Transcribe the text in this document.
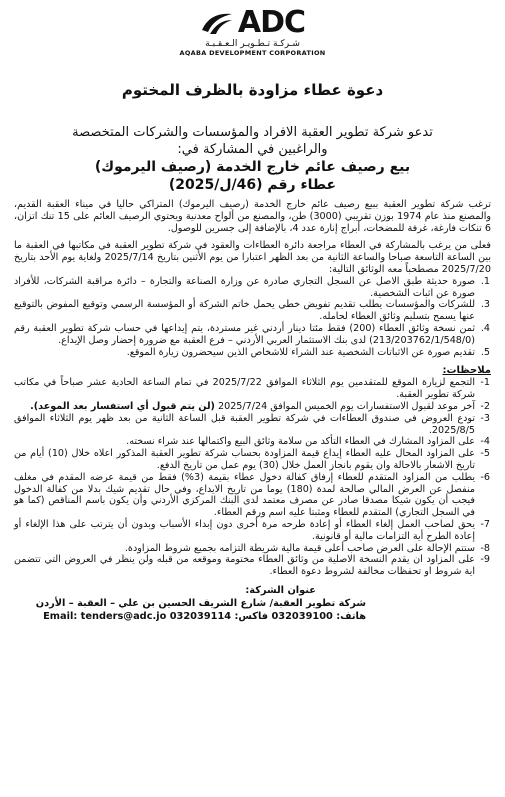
ADC
شـركـة تـطـويـر الـعـقـبـة
AQABA DEVELOPMENT CORPORATION
دعوة عطاء مزاودة بالظرف المختوم
تدعو شركة تطوير العقبة الافراد والمؤسسات والشركات المتخصصة
والراغبين في المشاركة في:
بيع رصيف عائم خارج الخدمة (رصيف اليرموك)
عطاء رقم (46/ل/2025)
ترغب شركة تطوير العقبة ببيع رصيف عائم خارج الخدمة (رصيف اليرموك) المتراكي حاليا في ميناء العقبة القديم، والمصنع منذ عام 1974 بوزن تقريبي (3000) طن، والمصنع من ألواح معدنية ويحتوي الرصيف العائم على 15 تنك اتزان، 6 تنكات فارغة، غرفة للمضخات، أبراج إنارة عدد 4، بالإضافة إلى جسرين للوصول.
فعلى من يرغب بالمشاركة في العطاء مراجعة دائرة العطاءات والعقود في شركة تطوير العقبة في مكاتبها في العقبة ما بين الساعة التاسعة صباحا والساعة الثانية من بعد الظهر اعتبارا من يوم الأثنين بتاريخ 2025/7/14 ولغاية يوم الأحد بتاريخ 2025/7/20 مصطحباً معه الوثائق التالية:
1.
صورة حديثة طبق الاصل عن السجل التجاري صادرة عن وزارة الصناعة والتجارة – دائرة مراقبة الشركات، للأفراد صورة عن اثبات الشخصية.
3.
للشركات والمؤسسات يطلب تقديم تفويض خطي يحمل خاتم الشركة أو المؤسسة الرسمي وتوقيع المفوض بالتوقيع عنها يسمح بتسليم وثائق العطاء لحامله.
4.
ثمن نسخة وثائق العطاء (200) فقط مئتا دينار أردني غير مستردة، يتم إيداعها في حساب شركة تطوير العقبة رقم (213/203762/1/548/0) لدى بنك الاستثمار العربي الأردني – فرع العقبة مع ضرورة إحضار وصل الإيداع.
5.
تقديم صورة عن الاثباتات الشخصية عند الشراء للاشخاص الذين سيحضرون زيارة الموقع.
ملاحظات:
1-
التجمع لزيارة الموقع للمتقدمين يوم الثلاثاء الموافق 2025/7/22 في تمام الساعة الحادية عشر صباحاً في مكاتب شركة تطوير العقبة.
2-
آخر موعد لقبول الاستفسارات يوم الخميس الموافق 2025/7/24 (لن يتم قبول أي استفسار بعد الموعد).
3-
تودع العروض في صندوق العطاءات في شركة تطوير العقبة قبل الساعة الثانية من بعد ظهر يوم الثلاثاء الموافق 2025/8/5.
4-
على المزاود المشارك في العطاء التأكد من سلامة وثائق البيع واكتمالها عند شراء نسخته.
5-
على المزاود المحال عليه العطاء إيداع قيمة المزاودة بحساب شركة تطوير العقبة المذكور اعلاه خلال (10) أيام من تاريخ الاشعار بالاحالة وان يقوم بانجاز العمل خلال (30) يوم عمل من تاريخ الدفع.
6-
يطلب من المزاود المتقدم للعطاء إرفاق كفالة دخول عطاء بقيمة (3%) فقط من قيمة عرضه المقدم في مغلف منفصل عن العرض المالي صالحة لمدة (180) يوما من تاريخ الايداع، وفي حال تقديم شيك بدلا من كفالة الدخول فيجب أن يكون شيكا مصدقا صادر عن مصرف معتمد لدى البنك المركزي الأردني وأن يكون باسم المناقص (كما هو في السجل التجاري) المتقدم للعطاء ومثبتا عليه اسم ورقم العطاء.
7-
يحق لصاحب العمل إلغاء العطاء أو إعادة طرحه مرة أخرى دون إبداء الأسباب وبدون أن يترتب على هذا الإلغاء أو إعادة الطرح أية التزامات مالية أو قانونية.
8-
ستتم الإحالة على العرض صاحب أعلى قيمة مالية شريطة التزامه بجميع شروط المزاودة.
9-
على المزاود ان يقدم النسخة الاصلية من وثائق العطاء مختومة وموقعه من قبله ولن ينظر في العروض التي تتضمن اية شروط او تحفظات مخالفة لشروط دعوة العطاء.
عنوان الشركة:
شركة تطوير العقبة/ شارع الشريف الحسين بن علي – العقبة – الأردن
هاتف: 032039100 فاكس: 032039114 Email: tenders@adc.jo
